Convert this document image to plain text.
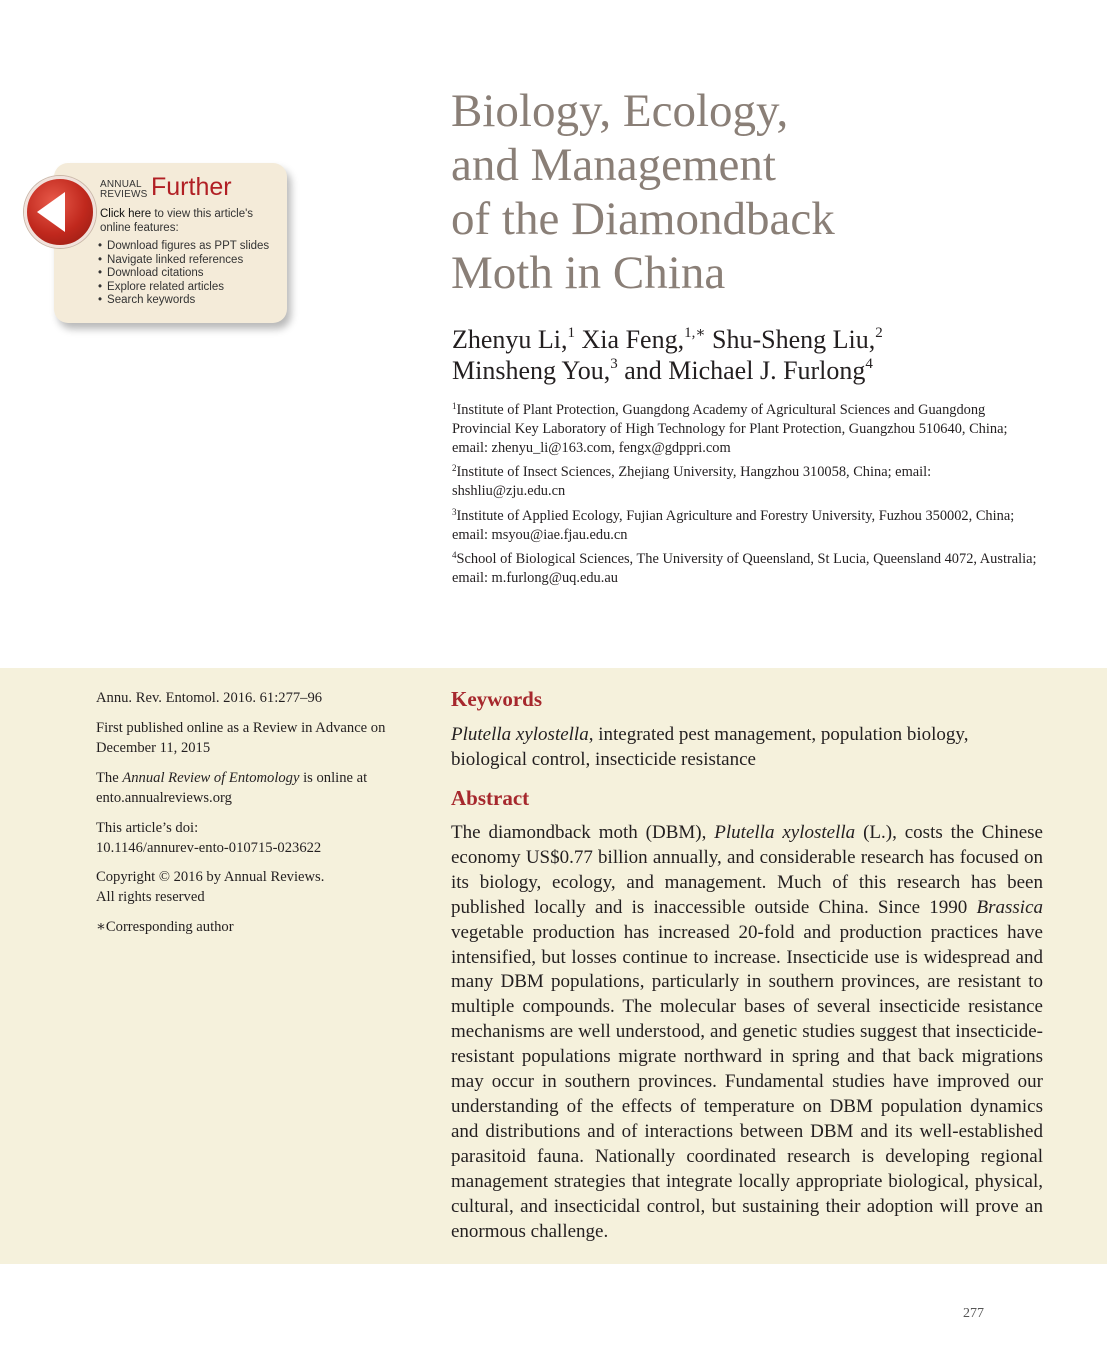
ANNUAL
REVIEWS Further
Click here to view this article's online features:
• Download figures as PPT slides
• Navigate linked references
• Download citations
• Explore related articles
• Search keywords
Biology, Ecology,
and Management
of the Diamondback
Moth in China
Zhenyu Li,$^1$ Xia Feng,$^{1,∗}$ Shu-Sheng Liu,$^2$
Minsheng You,$^3$ and Michael J. Furlong$^4$
$^1$Institute of Plant Protection, Guangdong Academy of Agricultural Sciences and Guangdong Provincial Key Laboratory of High Technology for Plant Protection, Guangzhou 510640, China; email: zhenyu_li@163.com, fengx@gdppri.com
$^2$Institute of Insect Sciences, Zhejiang University, Hangzhou 310058, China; email: shshliu@zju.edu.cn
$^3$Institute of Applied Ecology, Fujian Agriculture and Forestry University, Fuzhou 350002, China; email: msyou@iae.fjau.edu.cn
$^4$School of Biological Sciences, The University of Queensland, St Lucia, Queensland 4072, Australia; email: m.furlong@uq.edu.au
Annu. Rev. Entomol. 2016. 61:277–96
First published online as a Review in Advance on December 11, 2015
The Annual Review of Entomology is online at ento.annualreviews.org
This article’s doi:
10.1146/annurev-ento-010715-023622
Copyright © 2016 by Annual Reviews.
All rights reserved
∗Corresponding author
Keywords
Plutella xylostella, integrated pest management, population biology, biological control, insecticide resistance
Abstract
The diamondback moth (DBM), Plutella xylostella (L.), costs the Chinese economy US$0.77 billion annually, and considerable research has focused on its biology, ecology, and management. Much of this research has been published locally and is inaccessible outside China. Since 1990 Brassica vegetable production has increased 20-fold and production practices have intensified, but losses continue to increase. Insecticide use is widespread and many DBM populations, particularly in southern provinces, are resistant to multiple compounds. The molecular bases of several insecticide resistance mechanisms are well understood, and genetic studies suggest that insecticide-resistant populations migrate northward in spring and that back migrations may occur in southern provinces. Fundamental studies have improved our understanding of the effects of temperature on DBM population dynamics and distributions and of interactions between DBM and its well-established parasitoid fauna. Nationally coordinated research is developing regional management strategies that integrate locally appropriate biological, physical, cultural, and insecticidal control, but sustaining their adoption will prove an enormous challenge.
277
